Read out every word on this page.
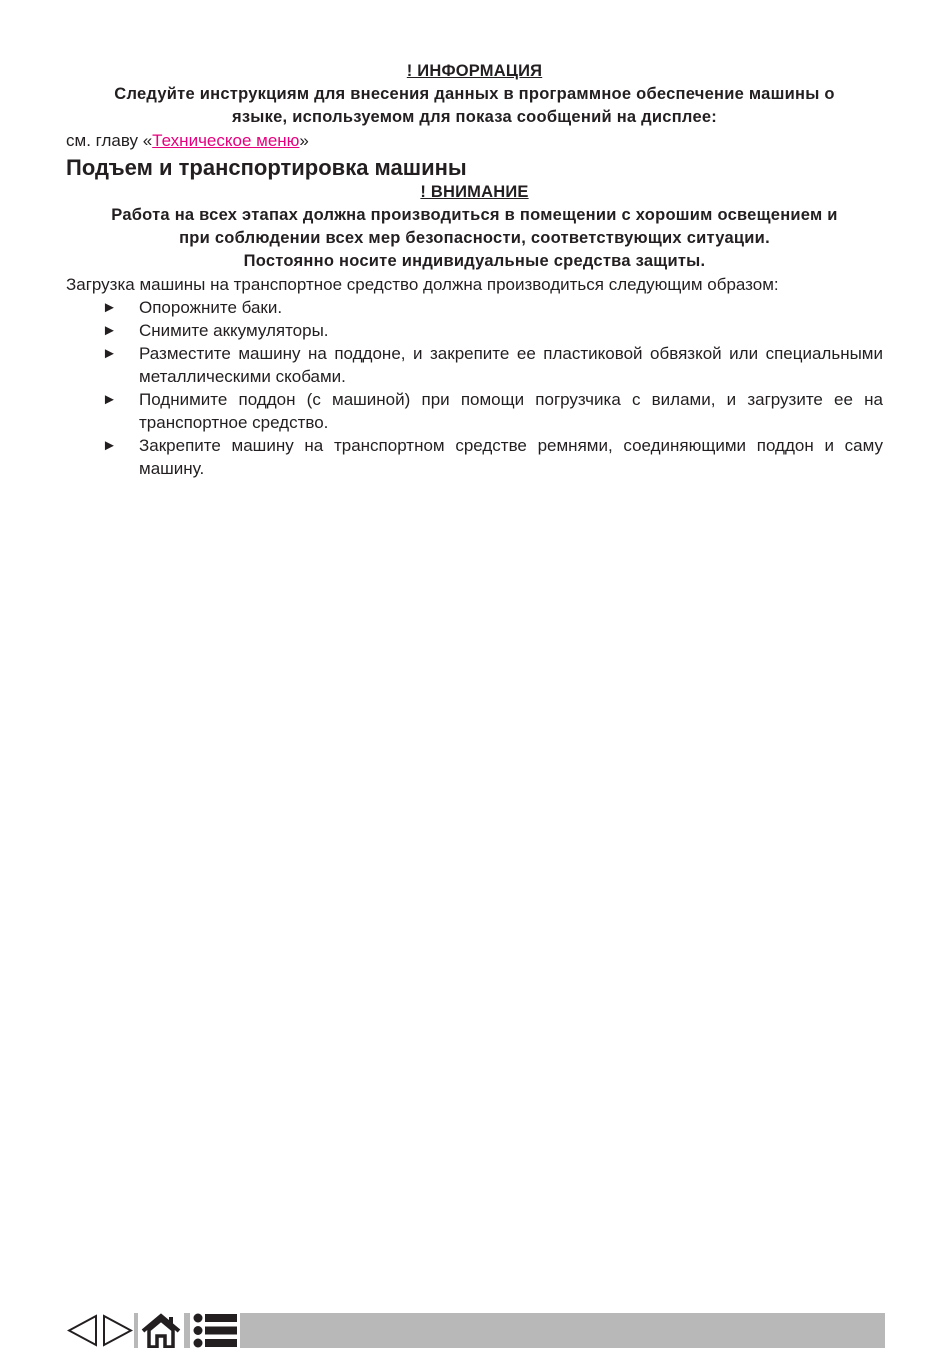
! ИНФОРМАЦИЯ
Следуйте инструкциям для внесения данных в программное обеспечение машины о
языке, используемом для показа сообщений на дисплее:
см. главу «Техническое меню»
Подъем и транспортировка машины
! ВНИМАНИЕ
Работа на всех этапах должна производиться в помещении с хорошим освещением и
при соблюдении всех мер безопасности, соответствующих ситуации.
Постоянно носите индивидуальные средства защиты.
Загрузка машины на транспортное средство должна производиться следующим образом:
► Опорожните баки.
► Снимите аккумуляторы.
► Разместите машину на поддоне, и закрепите ее пластиковой обвязкой или специальными металлическими скобами.
► Поднимите поддон (с машиной) при помощи погрузчика с вилами, и загрузите ее на транспортное средство.
► Закрепите машину на транспортном средстве ремнями, соединяющими поддон и саму машину.
